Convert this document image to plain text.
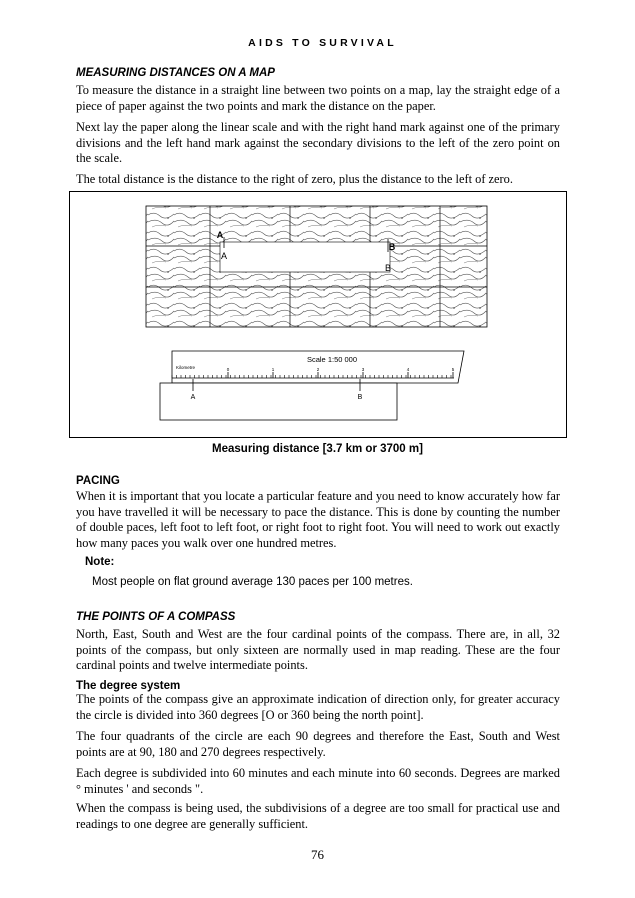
AIDS TO SURVIVAL
MEASURING DISTANCES ON A MAP

To measure the distance in a straight line between two points on a map, lay the straight edge of a piece of paper against the two points and mark the distance on the paper.

Next lay the paper along the linear scale and with the right hand mark against one of the primary divisions and the left hand mark against the secondary divisions to the left of the zero point on the scale.

The total distance is the distance to the right of zero, plus the distance to the left of zero.

A
A
B
B
Scale 1:50 000
Kilometre	0	1	2	3	4	5
A	B
Measuring distance [3.7 km or 3700 m]
PACING

When it is important that you locate a particular feature and you need to know accurately how far you have travelled it will be necessary to pace the distance. This is done by counting the number of double paces, left foot to left foot, or right foot to right foot. You will need to work out exactly how many paces you walk over one hundred metres.

Note:
Most people on flat ground average 130 paces per 100 metres.
THE POINTS OF A COMPASS

North, East, South and West are the four cardinal points of the compass. There are, in all, 32 points of the compass, but only sixteen are normally used in map reading. These are the four cardinal points and twelve intermediate points.

The degree system

The points of the compass give an approximate indication of direction only, for greater accuracy the circle is divided into 360 degrees [O or 360 being the north point].

The four quadrants of the circle are each 90 degrees and therefore the East, South and West points are at 90, 180 and 270 degrees respectively.

Each degree is subdivided into 60 minutes and each minute into 60 seconds. Degrees are marked ° minutes ' and seconds ".

When the compass is being used, the subdivisions of a degree are too small for practical use and readings to one degree are generally sufficient.

76
